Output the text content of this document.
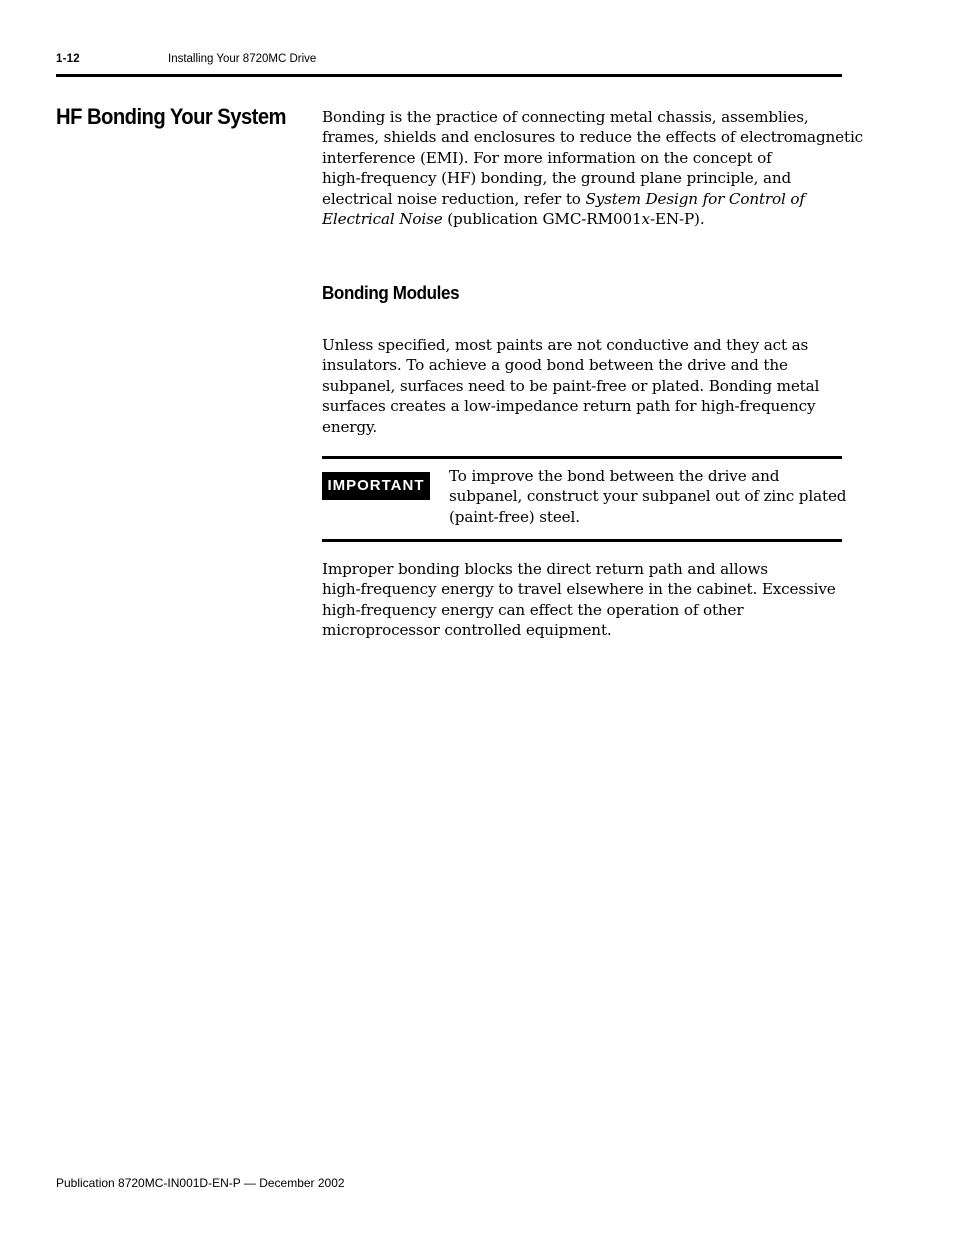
1-12	Installing Your 8720MC Drive
HF Bonding Your System Bonding is the practice of connecting metal chassis, assemblies,
frames, shields and enclosures to reduce the effects of electromagnetic
interference (EMI). For more information on the concept of
high-frequency (HF) bonding, the ground plane principle, and
electrical noise reduction, refer to System Design for Control of
Electrical Noise (publication GMC-RM001x-EN-P).
Bonding Modules
Unless specified, most paints are not conductive and they act as
insulators. To achieve a good bond between the drive and the
subpanel, surfaces need to be paint-free or plated. Bonding metal
surfaces creates a low-impedance return path for high-frequency
energy.
IMPORTANT
To improve the bond between the drive and
subpanel, construct your subpanel out of zinc plated
(paint-free) steel.
Improper bonding blocks the direct return path and allows
high-frequency energy to travel elsewhere in the cabinet. Excessive
high-frequency energy can effect the operation of other
microprocessor controlled equipment.
Publication 8720MC-IN001D-EN-P — December 2002
